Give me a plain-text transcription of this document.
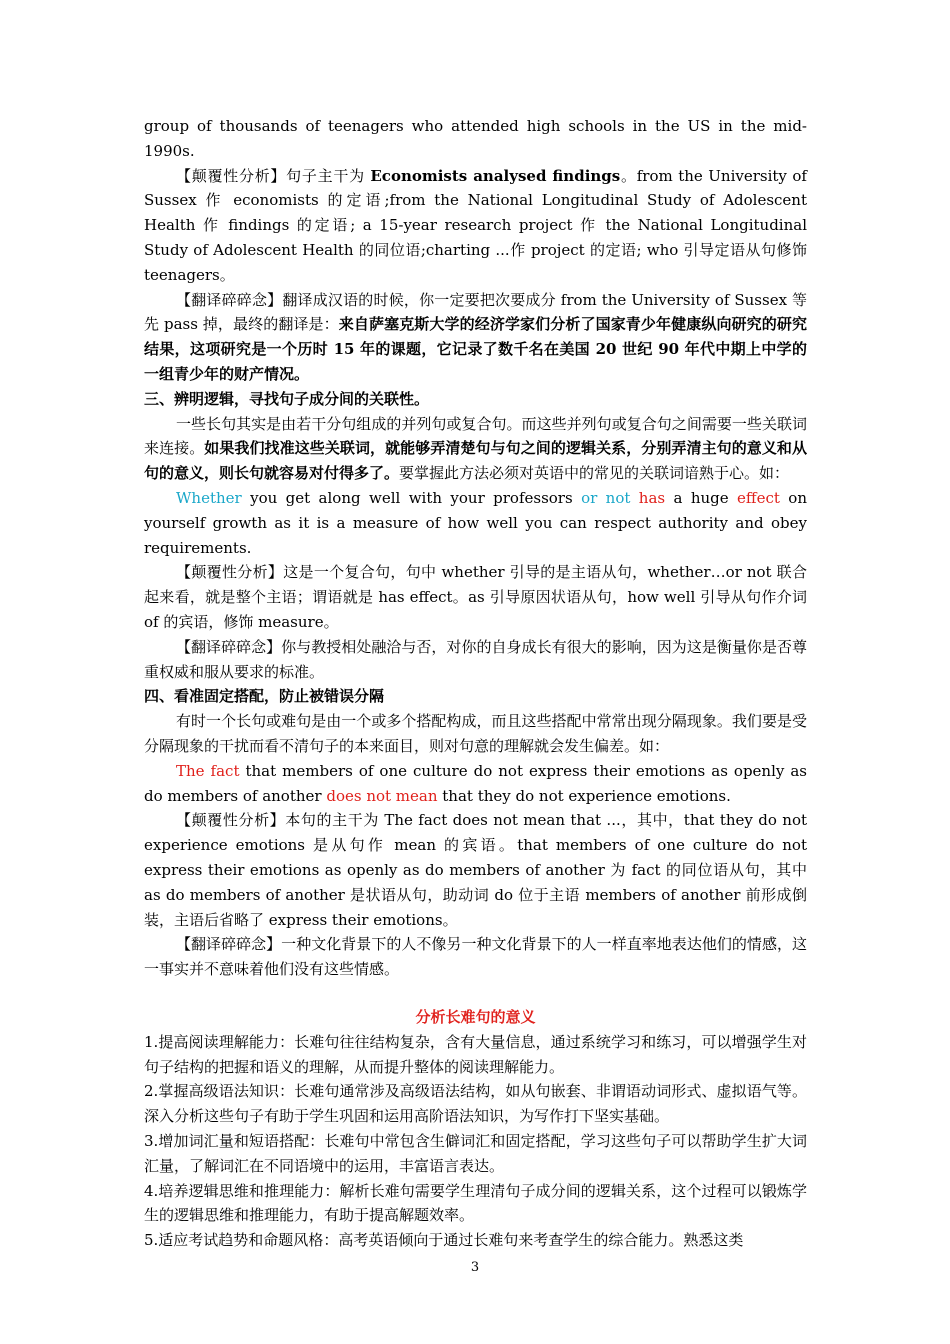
group of thousands of teenagers who attended high schools in the US in the mid-1990s.

【颠覆性分析】句子主干为 Economists analysed findings。from the University of Sussex 作 economists 的定语;from the National Longitudinal Study of Adolescent Health 作 findings 的定语; a 15-year research project 作 the National Longitudinal Study of Adolescent Health 的同位语;charting ...作 project 的定语; who 引导定语从句修饰 teenagers。

【翻译碎碎念】翻译成汉语的时候，你一定要把次要成分 from the University of Sussex 等先 pass 掉，最终的翻译是：来自萨塞克斯大学的经济学家们分析了国家青少年健康纵向研究的研究结果，这项研究是一个历时 15 年的课题，它记录了数千名在美国 20 世纪 90 年代中期上中学的一组青少年的财产情况。

三、辨明逻辑，寻找句子成分间的关联性。

一些长句其实是由若干分句组成的并列句或复合句。而这些并列句或复合句之间需要一些关联词来连接。如果我们找准这些关联词，就能够弄清楚句与句之间的逻辑关系，分别弄清主句的意义和从句的意义，则长句就容易对付得多了。要掌握此方法必须对英语中的常见的关联词谙熟于心。如：

Whether you get along well with your professors or not has a huge effect on yourself growth as it is a measure of how well you can respect authority and obey requirements.

【颠覆性分析】这是一个复合句，句中 whether 引导的是主语从句，whether…or not 联合起来看，就是整个主语；谓语就是 has effect。as 引导原因状语从句，how well 引导从句作介词 of 的宾语，修饰 measure。

【翻译碎碎念】你与教授相处融洽与否，对你的自身成长有很大的影响，因为这是衡量你是否尊重权威和服从要求的标准。

四、看准固定搭配，防止被错误分隔

有时一个长句或难句是由一个或多个搭配构成，而且这些搭配中常常出现分隔现象。我们要是受分隔现象的干扰而看不清句子的本来面目，则对句意的理解就会发生偏差。如：

The fact that members of one culture do not express their emotions as openly as do members of another does not mean that they do not experience emotions.

【颠覆性分析】本句的主干为 The fact does not mean that ...，其中，that they do not experience emotions 是从句作 mean 的宾语。that members of one culture do not express their emotions as openly as do members of another 为 fact 的同位语从句，其中 as do members of another 是状语从句，助动词 do 位于主语 members of another 前形成倒装，主语后省略了 express their emotions。

【翻译碎碎念】一种文化背景下的人不像另一种文化背景下的人一样直率地表达他们的情感，这一事实并不意味着他们没有这些情感。

分析长难句的意义

1.提高阅读理解能力：长难句往往结构复杂，含有大量信息，通过系统学习和练习，可以增强学生对句子结构的把握和语义的理解，从而提升整体的阅读理解能力。

2.掌握高级语法知识：长难句通常涉及高级语法结构，如从句嵌套、非谓语动词形式、虚拟语气等。深入分析这些句子有助于学生巩固和运用高阶语法知识，为写作打下坚实基础。

3.增加词汇量和短语搭配：长难句中常包含生僻词汇和固定搭配，学习这些句子可以帮助学生扩大词汇量，了解词汇在不同语境中的运用，丰富语言表达。

4.培养逻辑思维和推理能力：解析长难句需要学生理清句子成分间的逻辑关系，这个过程可以锻炼学生的逻辑思维和推理能力，有助于提高解题效率。

5.适应考试趋势和命题风格：高考英语倾向于通过长难句来考查学生的综合能力。熟悉这类

3
